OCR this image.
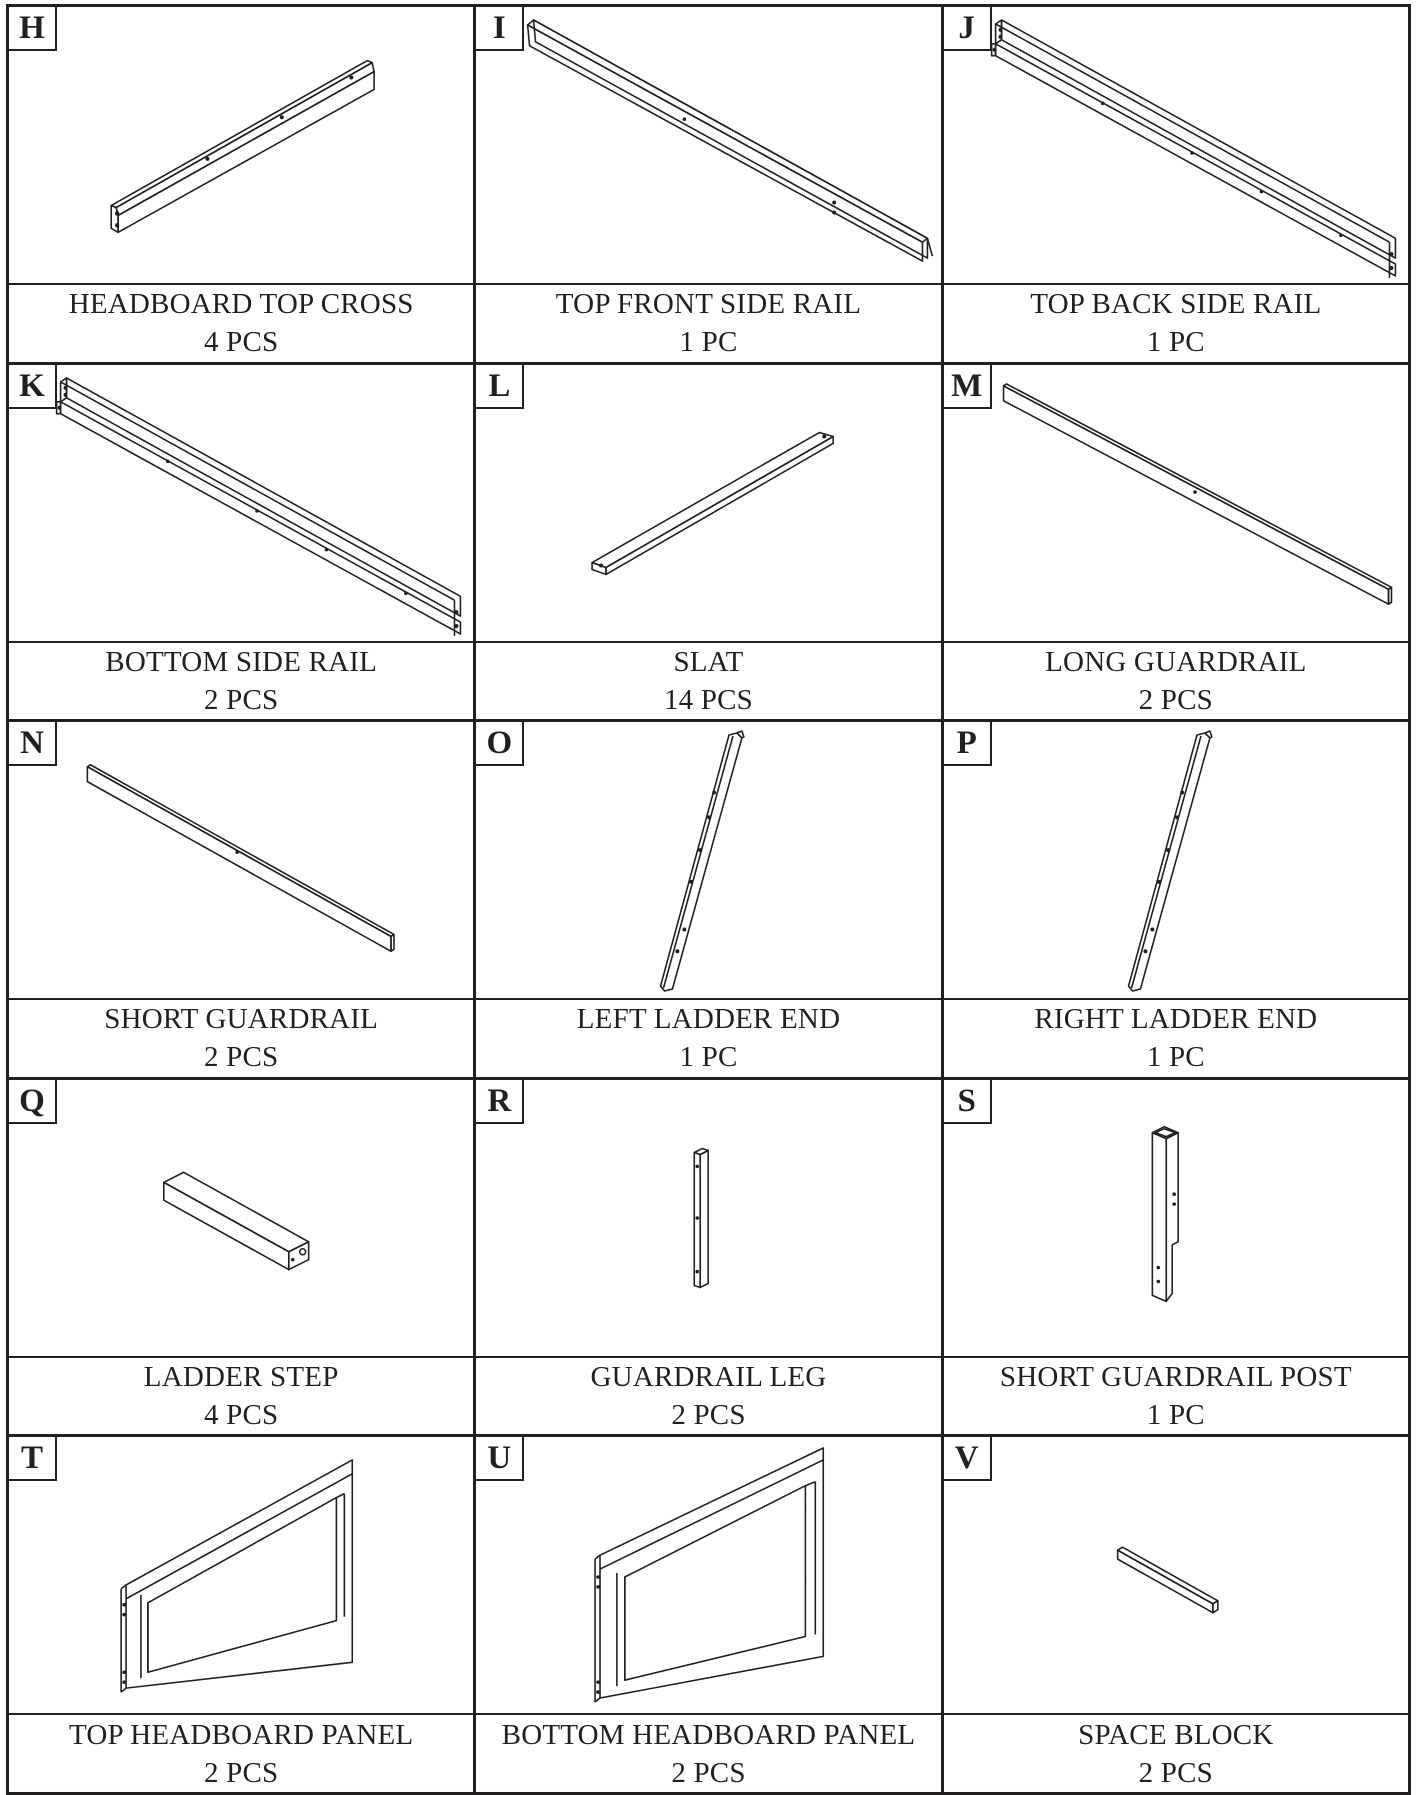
H
HEADBOARD TOP CROSS
4 PCS
I
TOP FRONT SIDE RAIL
1 PC
J
TOP BACK SIDE RAIL
1 PC
K
BOTTOM SIDE RAIL
2 PCS
L
SLAT
14 PCS
M
LONG GUARDRAIL
2 PCS
N
SHORT GUARDRAIL
2 PCS
O
LEFT LADDER END
1 PC
P
RIGHT LADDER END
1 PC
Q
LADDER STEP
4 PCS
R
GUARDRAIL LEG
2 PCS
S
SHORT GUARDRAIL POST
1 PC
T
TOP HEADBOARD PANEL
2 PCS
U
BOTTOM HEADBOARD PANEL
2 PCS
V
SPACE BLOCK
2 PCS
